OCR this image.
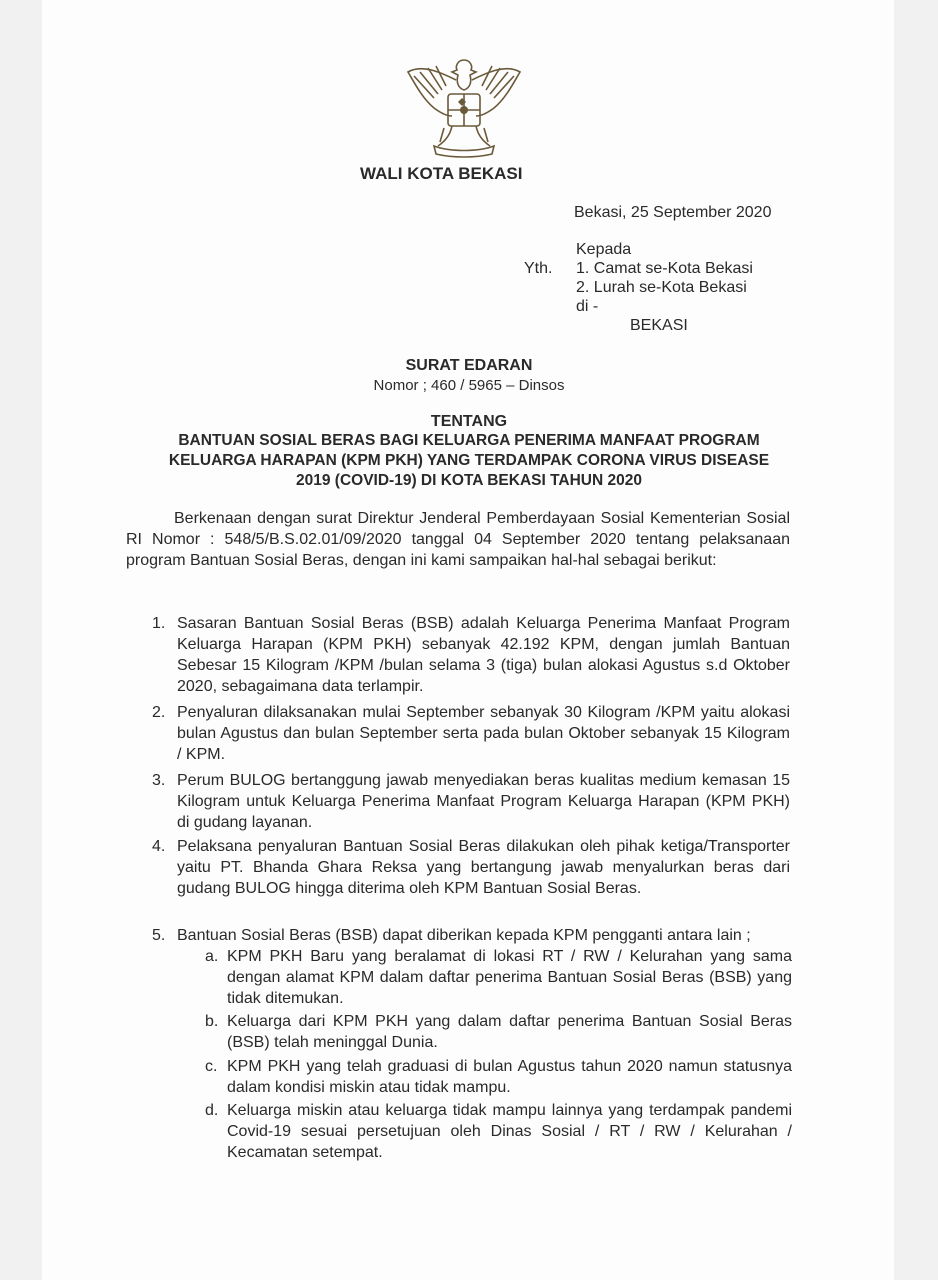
WALI KOTA BEKASI
Bekasi, 25 September 2020
Kepada
Yth. 1. Camat se-Kota Bekasi
2. Lurah se-Kota Bekasi
di -
BEKASI
SURAT EDARAN
Nomor ; 460 / 5965 – Dinsos
TENTANG
BANTUAN SOSIAL BERAS BAGI KELUARGA PENERIMA MANFAAT PROGRAM
KELUARGA HARAPAN (KPM PKH) YANG TERDAMPAK CORONA VIRUS DISEASE
2019 (COVID-19) DI KOTA BEKASI TAHUN 2020
Berkenaan dengan surat Direktur Jenderal Pemberdayaan Sosial Kementerian Sosial RI Nomor : 548/5/B.S.02.01/09/2020 tanggal 04 September 2020 tentang pelaksanaan program Bantuan Sosial Beras, dengan ini kami sampaikan hal-hal sebagai berikut:
1. Sasaran Bantuan Sosial Beras (BSB) adalah Keluarga Penerima Manfaat Program Keluarga Harapan (KPM PKH) sebanyak 42.192 KPM, dengan jumlah Bantuan Sebesar 15 Kilogram /KPM /bulan selama 3 (tiga) bulan alokasi Agustus s.d Oktober 2020, sebagaimana data terlampir.
2. Penyaluran dilaksanakan mulai September sebanyak 30 Kilogram /KPM yaitu alokasi bulan Agustus dan bulan September serta pada bulan Oktober sebanyak 15 Kilogram / KPM.
3. Perum BULOG bertanggung jawab menyediakan beras kualitas medium kemasan 15 Kilogram untuk Keluarga Penerima Manfaat Program Keluarga Harapan (KPM PKH) di gudang layanan.
4. Pelaksana penyaluran Bantuan Sosial Beras dilakukan oleh pihak ketiga/Transporter yaitu PT. Bhanda Ghara Reksa yang bertangung jawab menyalurkan beras dari gudang BULOG hingga diterima oleh KPM Bantuan Sosial Beras.
5. Bantuan Sosial Beras (BSB) dapat diberikan kepada KPM pengganti antara lain ;
a. KPM PKH Baru yang beralamat di lokasi RT / RW / Kelurahan yang sama dengan alamat KPM dalam daftar penerima Bantuan Sosial Beras (BSB) yang tidak ditemukan.
b. Keluarga dari KPM PKH yang dalam daftar penerima Bantuan Sosial Beras (BSB) telah meninggal Dunia.
c. KPM PKH yang telah graduasi di bulan Agustus tahun 2020 namun statusnya dalam kondisi miskin atau tidak mampu.
d. Keluarga miskin atau keluarga tidak mampu lainnya yang terdampak pandemi Covid-19 sesuai persetujuan oleh Dinas Sosial / RT / RW / Kelurahan / Kecamatan setempat.
